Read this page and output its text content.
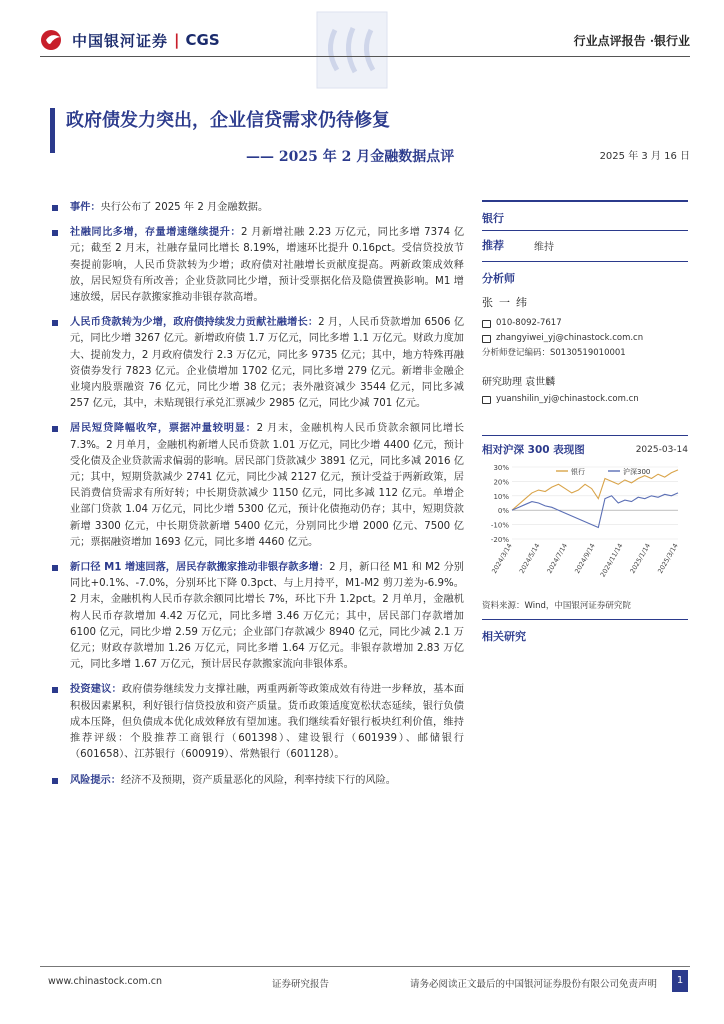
中国银河证券 | CGS	行业点评报告 ·银行业
政府债发力突出，企业信贷需求仍待修复
—— 2025 年 2 月金融数据点评	2025 年 3 月 16 日
事件：央行公布了 2025 年 2 月金融数据。
社融同比多增，存量增速继续提升：2 月新增社融 2.23 万亿元，同比多增 7374 亿元；截至 2 月末，社融存量同比增长 8.19%，增速环比提升 0.16pct。受信贷投放节奏提前影响，人民币贷款转为少增；政府债对社融增长贡献度提高。两新政策成效释放，居民短贷有所改善；企业贷款同比少增，预计受票据化倍及隐债置换影响。M1 增速放缓，居民存款搬家推动非银存款高增。
人民币贷款转为少增，政府债持续发力贡献社融增长：2 月，人民币贷款增加 6506 亿元，同比少增 3267 亿元。新增政府债 1.7 万亿元，同比多增 1.1 万亿元。财政力度加大、提前发力，2 月政府债发行 2.3 万亿元，同比多 9735 亿元；其中，地方特殊再融资债券发行 7823 亿元。企业债增加 1702 亿元，同比多增 279 亿元。新增非金融企业境内股票融资 76 亿元，同比少增 38 亿元；表外融资减少 3544 亿元，同比多减 257 亿元，其中，未贴现银行承兑汇票减少 2985 亿元，同比少减 701 亿元。
居民短贷降幅收窄，票据冲量较明显：2 月末，金融机构人民币贷款余额同比增长 7.3%。2 月单月，金融机构新增人民币贷款 1.01 万亿元，同比少增 4400 亿元，预计受化债及企业贷款需求偏弱的影响。居民部门贷款减少 3891 亿元，同比多减 2016 亿元；其中，短期贷款减少 2741 亿元，同比少减 2127 亿元，预计受益于两新政策，居民消费信贷需求有所好转；中长期贷款减少 1150 亿元，同比多减 112 亿元。单增企业部门贷款 1.04 万亿元，同比少增 5300 亿元，预计化债拖动仍存；其中，短期贷款新增 3300 亿元，中长期贷款新增 5400 亿元，分别同比少增 2000 亿元、7500 亿元；票据融资增加 1693 亿元，同比多增 4460 亿元。
新口径 M1 增速回落，居民存款搬家推动非银存款多增：2 月，新口径 M1 和 M2 分别同比+0.1%、-7.0%，分别环比下降 0.3pct、与上月持平，M1-M2 剪刀差为-6.9%。2 月末，金融机构人民币存款余额同比增长 7%，环比下升 1.2pct。2 月单月，金融机构人民币存款增加 4.42 万亿元，同比多增 3.46 万亿元；其中，居民部门存款增加 6100 亿元，同比少增 2.59 万亿元；企业部门存款减少 8940 亿元，同比少减 2.1 万亿元；财政存款增加 1.26 万亿元，同比多增 1.64 万亿元。非银存款增加 2.83 万亿元，同比多增 1.67 万亿元，预计居民存款搬家流向非银体系。
投资建议：政府债券继续发力支撑社融，两重两新等政策成效有待进一步释放，基本面积极因素累积，利好银行信贷投放和资产质量。货币政策适度宽松状态延续，银行负债成本压降，但负债成本优化成效释放有望加速。我们继续看好银行板块红利价值，维持推荐评级：个股推荐工商银行（601398）、建设银行（601939）、邮储银行（601658）、江苏银行（600919）、常熟银行（601128）。
风险提示：经济不及预期，资产质量恶化的风险，利率持续下行的风险。
银行
推荐	维持
分析师
张一纬
010-8092-7617
zhangyiwei_yj@chinastock.com.cn
分析师登记编码：S0130519010001
研究助理 袁世麟
yuanshilin_yj@chinastock.com.cn
相对沪深 300 表现图	2025-03-14
30%
20%
10%
0%
-10%
-20%
2024/3/14 2024/5/14 2024/7/14 2024/9/14 2024/11/14 2025/1/14 2025/3/14
银行	沪深300
资料来源：Wind，中国银河证券研究院
相关研究
www.chinastock.com.cn	证券研究报告	请务必阅读正文最后的中国银河证券股份有限公司免责声明	1
